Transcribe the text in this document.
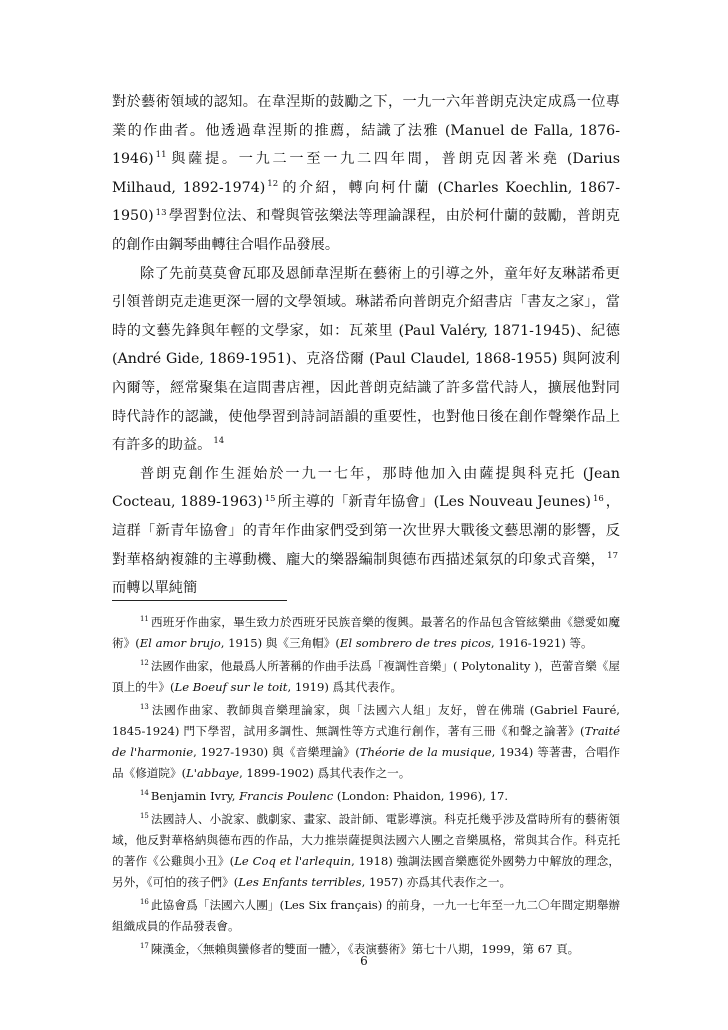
對於藝術領域的認知。在韋涅斯的鼓勵之下，一九一六年普朗克決定成爲一位專業的作曲者。他透過韋涅斯的推薦，結識了法雅 (Manuel de Falla, 1876-1946) $^{11}$ 與薩提。一九二一至一九二四年間，普朗克因著米堯 (Darius Milhaud, 1892-1974) $^{12}$ 的介紹，轉向柯什蘭 (Charles Koechlin, 1867-1950) $^{13}$ 學習對位法、和聲與管弦樂法等理論課程，由於柯什蘭的鼓勵，普朗克的創作由鋼琴曲轉往合唱作品發展。

除了先前莫莫會瓦耶及恩師韋涅斯在藝術上的引導之外，童年好友琳諾希更引領普朗克走進更深一層的文學領域。琳諾希向普朗克介紹書店「書友之家」，當時的文藝先鋒與年輕的文學家，如：瓦萊里 (Paul Valéry, 1871-1945)、紀德 (André Gide, 1869-1951)、克洛岱爾 (Paul Claudel, 1868-1955) 與阿波利內爾等，經常聚集在這間書店裡，因此普朗克結識了許多當代詩人，擴展他對同時代詩作的認識，使他學習到詩詞語韻的重要性，也對他日後在創作聲樂作品上有許多的助益。 $^{14}$

普朗克創作生涯始於一九一七年，那時他加入由薩提與科克托 (Jean Cocteau, 1889-1963) $^{15}$ 所主導的「新青年協會」(Les Nouveau Jeunes) $^{16}$ ，這群「新青年協會」的青年作曲家們受到第一次世界大戰後文藝思潮的影響，反對華格納複雜的主導動機、龐大的樂器編制與德布西描述氣氛的印象式音樂， $^{17}$而轉以單純簡

$^{11}$ 西班牙作曲家，畢生致力於西班牙民族音樂的復興。最著名的作品包含管絃樂曲《戀愛如魔術》(El amor brujo, 1915) 與《三角帽》(El sombrero de tres picos, 1916-1921) 等。

$^{12}$ 法國作曲家，他最爲人所著稱的作曲手法爲「複調性音樂」( Polytonality )，芭蕾音樂《屋頂上的牛》(Le Boeuf sur le toit, 1919) 爲其代表作。

$^{13}$ 法國作曲家、教師與音樂理論家，與「法國六人組」友好，曾在佛瑞 (Gabriel Fauré, 1845-1924) 門下學習，試用多調性、無調性等方式進行創作，著有三冊《和聲之論著》(Traité de l'harmonie, 1927-1930) 與《音樂理論》(Théorie de la musique, 1934) 等著書，合唱作品《修道院》(L'abbaye, 1899-1902) 爲其代表作之一。

$^{14}$ Benjamin Ivry, Francis Poulenc (London: Phaidon, 1996), 17.

$^{15}$ 法國詩人、小說家、戲劇家、畫家、設計師、電影導演。科克托幾乎涉及當時所有的藝術領域，他反對華格納與德布西的作品，大力推崇薩提與法國六人團之音樂風格，常與其合作。科克托的著作《公雞與小丑》(Le Coq et l'arlequin, 1918) 強調法國音樂應從外國勢力中解放的理念，另外，《可怕的孩子們》(Les Enfants terribles, 1957) 亦爲其代表作之一。

$^{16}$ 此協會爲「法國六人團」(Les Six français) 的前身，一九一七年至一九二〇年間定期舉辦組織成員的作品發表會。

$^{17}$ 陳漢金，〈無賴與蠻修者的雙面一體〉，《表演藝術》第七十八期，1999，第 67 頁。

6
